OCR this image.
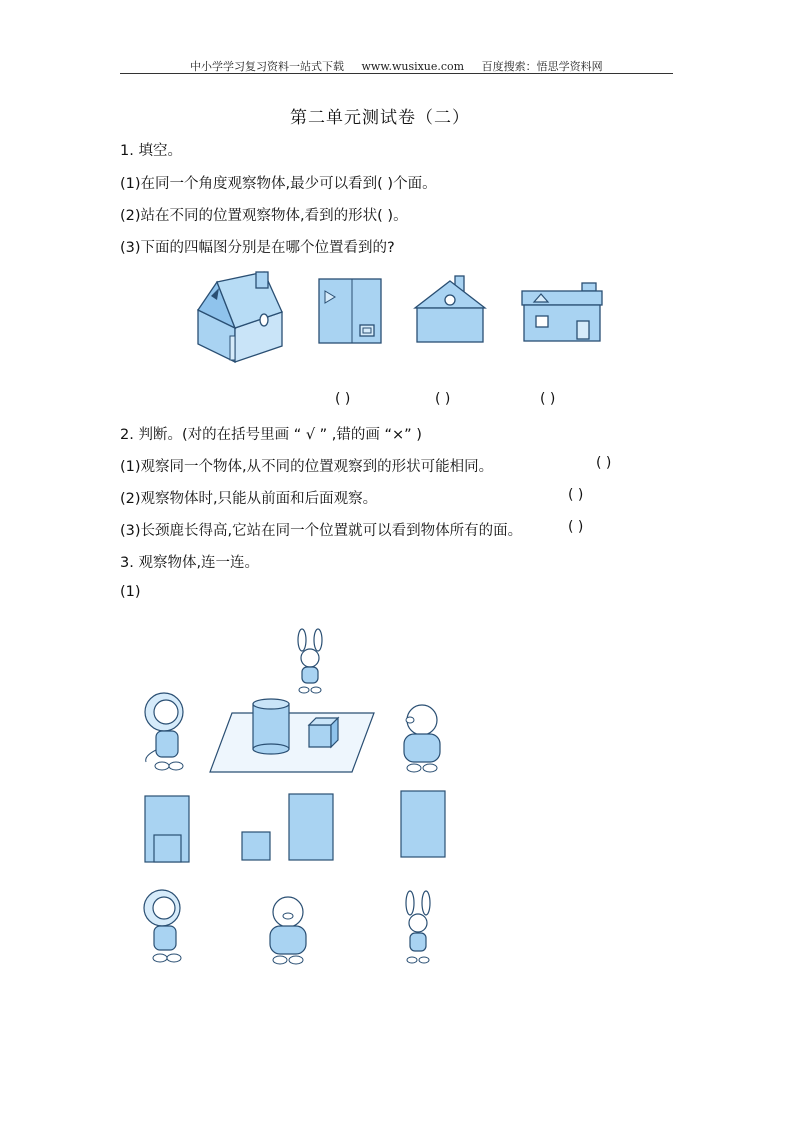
中小学学习复习资料一站式下载 www.wusixue.com 百度搜索：悟思学资料网
第二单元测试卷（二）
1. 填空。
(1)在同一个角度观察物体,最少可以看到( )个面。
(2)站在不同的位置观察物体,看到的形状( )。
(3)下面的四幅图分别是在哪个位置看到的?
( )	( )	( )
2. 判断。(对的在括号里画 “ √ ” ,错的画 “×” )
(1)观察同一个物体,从不同的位置观察到的形状可能相同。	( )
(2)观察物体时,只能从前面和后面观察。	( )
(3)长颈鹿长得高,它站在同一个位置就可以看到物体所有的面。	( )
3. 观察物体,连一连。
(1)
